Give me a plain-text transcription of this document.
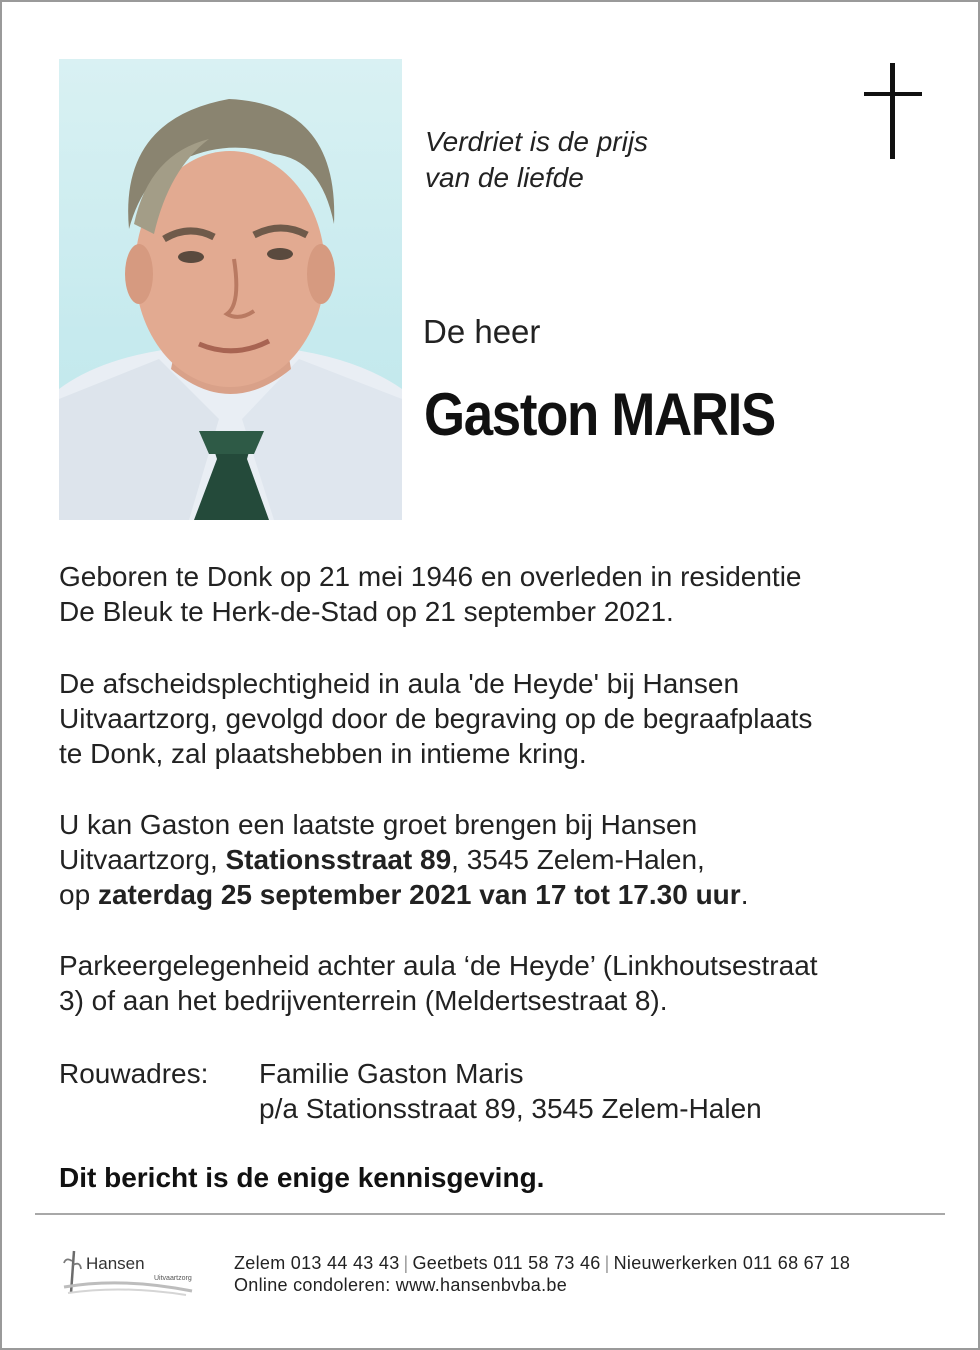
Verdriet is de prijs
van de liefde
De heer
Gaston MARIS
Geboren te Donk op 21 mei 1946 en overleden in residentie
De Bleuk te Herk-de-Stad op 21 september 2021.
De afscheidsplechtigheid in aula 'de Heyde' bij Hansen
Uitvaartzorg, gevolgd door de begraving op de begraafplaats
te Donk, zal plaatshebben in intieme kring.
U kan Gaston een laatste groet brengen bij Hansen
Uitvaartzorg, Stationsstraat 89, 3545 Zelem-Halen,
op zaterdag 25 september 2021 van 17 tot 17.30 uur.
Parkeergelegenheid achter aula ‘de Heyde’ (Linkhoutsestraat
3) of aan het bedrijventerrein (Meldertsestraat 8).
Rouwadres: Familie Gaston Maris
p/a Stationsstraat 89, 3545 Zelem-Halen
Dit bericht is de enige kennisgeving.
Hansen
Uitvaartzorg
Zelem 013 44 43 43 | Geetbets 011 58 73 46 | Nieuwerkerken 011 68 67 18
Online condoleren: www.hansenbvba.be
